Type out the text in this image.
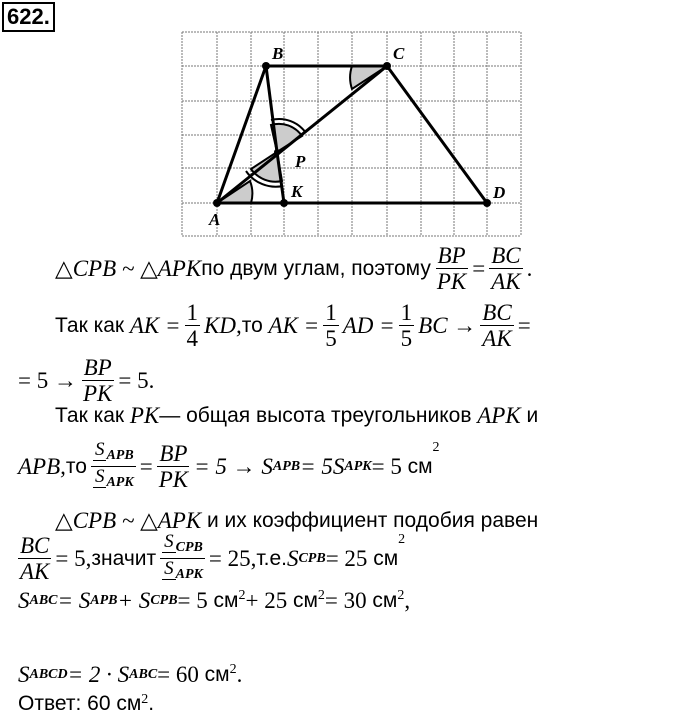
622.
A
B	C
D
P
K
△CPB ~ △APK по двум углам, поэтому $\frac{BP}{PK} = \frac{BC}{AK}$ .
Так как
AK = $\frac{1}{4}$ KD, то
AK = $\frac{1}{5}$ AD = $\frac{1}{5}$ BC → $\frac{BC}{AK}$ =
= $5 \to \frac{BP}{PK} = 5$.
Так как
PK — общая высота треугольников
APK
и
APB, то
S $_{APB}$
S $_{APK}$
= $\frac{BP}{PK} = 5 \to S$ APB = 5S APK = 5
см
$^2$
△CPB ~ △APK
и их коэффициент подобия равен
$\frac{BC}{AK} = 5$, значит
S $_{CPB}$
S $_{APK}$
= 25, т.е. S CPB = 25
см
$^2$
S ABC = S APB + S CPB = 5
$см^2 + 25$
$см^2 = 30$
$см^2$ ,
S ABCD = 2 · S ABC = 60
$см^2$ .
Ответ: 60 см 2 .
